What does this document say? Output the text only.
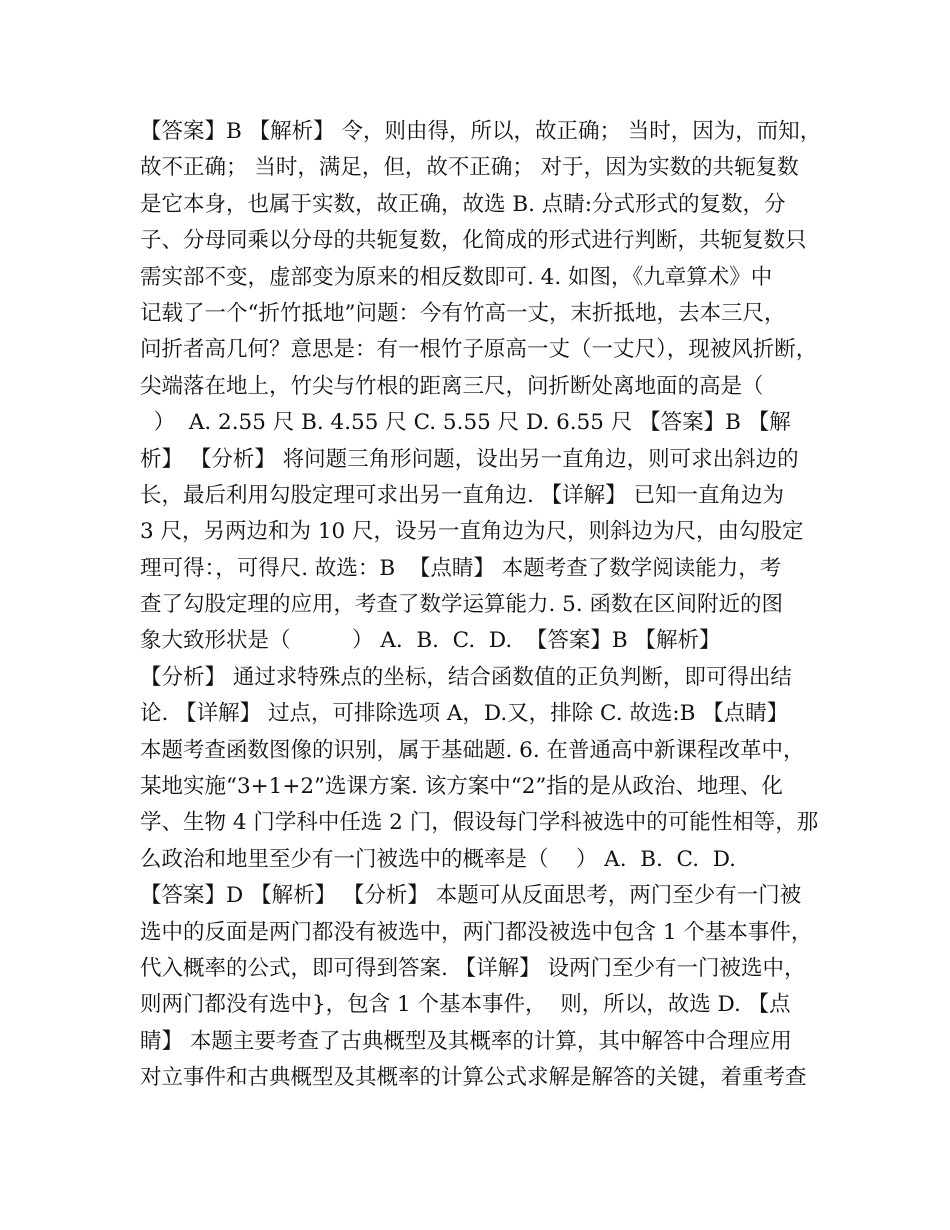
【答案】B 【解析】 令，则由得，所以，故正确； 当时，因为，而知，
故不正确； 当时，满足，但，故不正确； 对于，因为实数的共轭复数
是它本身，也属于实数，故正确，故选 B. 点睛:分式形式的复数，分
子、分母同乘以分母的共轭复数，化简成的形式进行判断，共轭复数只
需实部不变，虚部变为原来的相反数即可. 4. 如图，《九章算术》中
记载了一个“折竹抵地”问题：今有竹高一丈，末折抵地，去本三尺，
问折者高几何？意思是：有一根竹子原高一丈（一丈尺），现被风折断，
尖端落在地上，竹尖与竹根的距离三尺，问折断处离地面的高是（
）  A. 2.55 尺 B. 4.55 尺 C. 5.55 尺 D. 6.55 尺 【答案】B 【解
析】 【分析】 将问题三角形问题，设出另一直角边，则可求出斜边的
长，最后利用勾股定理可求出另一直角边. 【详解】 已知一直角边为
3 尺，另两边和为 10 尺，设另一直角边为尺，则斜边为尺，由勾股定
理可得：，可得尺. 故选：B  【点睛】 本题考查了数学阅读能力，考
查了勾股定理的应用，考查了数学运算能力. 5. 函数在区间附近的图
象大致形状是（         ） A.  B.  C.  D.  【答案】B 【解析】
【分析】 通过求特殊点的坐标，结合函数值的正负判断，即可得出结
论. 【详解】 过点，可排除选项 A，D.又，排除 C. 故选:B 【点睛】
本题考查函数图像的识别，属于基础题. 6. 在普通高中新课程改革中，
某地实施“3+1+2”选课方案. 该方案中“2”指的是从政治、地理、化
学、生物 4 门学科中任选 2 门，假设每门学科被选中的可能性相等，那
么政治和地里至少有一门被选中的概率是（    ） A.  B.  C.  D.
【答案】D 【解析】 【分析】 本题可从反面思考，两门至少有一门被
选中的反面是两门都没有被选中，两门都没被选中包含 1 个基本事件，
代入概率的公式，即可得到答案. 【详解】 设两门至少有一门被选中，
则两门都没有选中}，包含 1 个基本事件，  则，所以，故选 D. 【点
睛】 本题主要考查了古典概型及其概率的计算，其中解答中合理应用
对立事件和古典概型及其概率的计算公式求解是解答的关键，着重考查
